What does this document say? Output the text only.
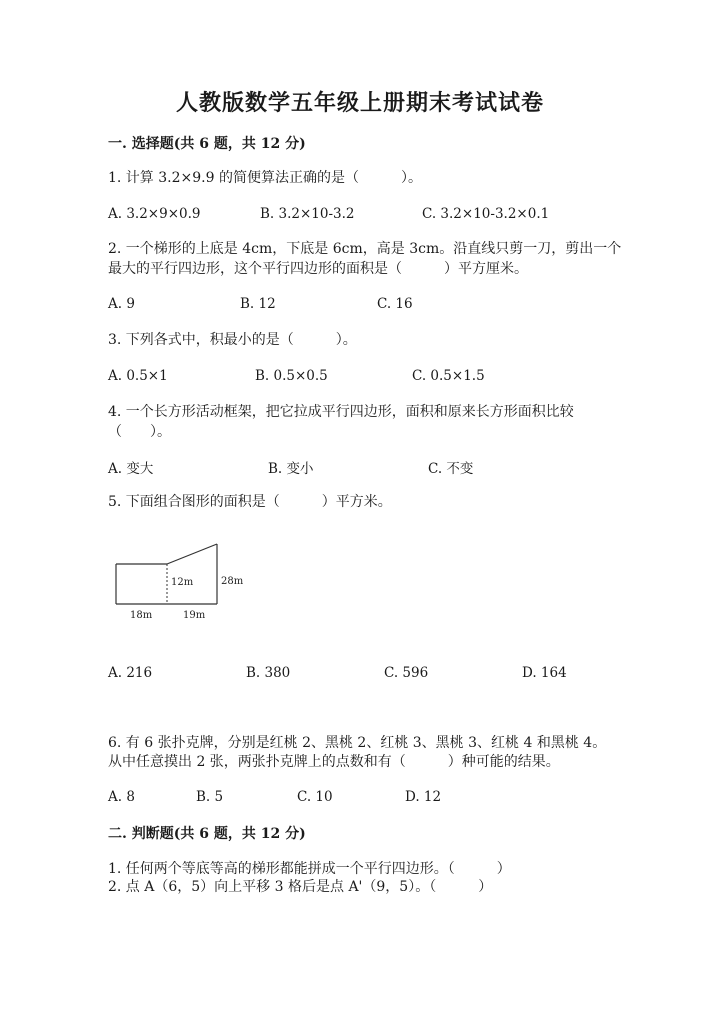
人教版数学五年级上册期末考试试卷
一. 选择题(共 6 题，共 12 分)
1. 计算 3.2×9.9 的简便算法正确的是（　　　）。
A. 3.2×9×0.9	B. 3.2×10-3.2	C. 3.2×10-3.2×0.1
2. 一个梯形的上底是 4cm，下底是 6cm，高是 3cm。沿直线只剪一刀，剪出一个
最大的平行四边形，这个平行四边形的面积是（　　　）平方厘米。
A. 9	B. 12	C. 16
3. 下列各式中，积最小的是（　　　）。
A. 0.5×1	B. 0.5×0.5	C. 0.5×1.5
4. 一个长方形活动框架，把它拉成平行四边形，面积和原来长方形面积比较
（　　）。
A. 变大	B. 变小	C. 不变
5. 下面组合图形的面积是（　　　）平方米。
12m	28m
18m	19m
A. 216	B. 380	C. 596	D. 164
6. 有 6 张扑克牌，分别是红桃 2、黑桃 2、红桃 3、黑桃 3、红桃 4 和黑桃 4。
从中任意摸出 2 张，两张扑克牌上的点数和有（　　　）种可能的结果。
A. 8	B. 5	C. 10	D. 12
二. 判断题(共 6 题，共 12 分)
1. 任何两个等底等高的梯形都能拼成一个平行四边形。（　　　）
2. 点 A（6，5）向上平移 3 格后是点 A'（9，5）。（　　　）
